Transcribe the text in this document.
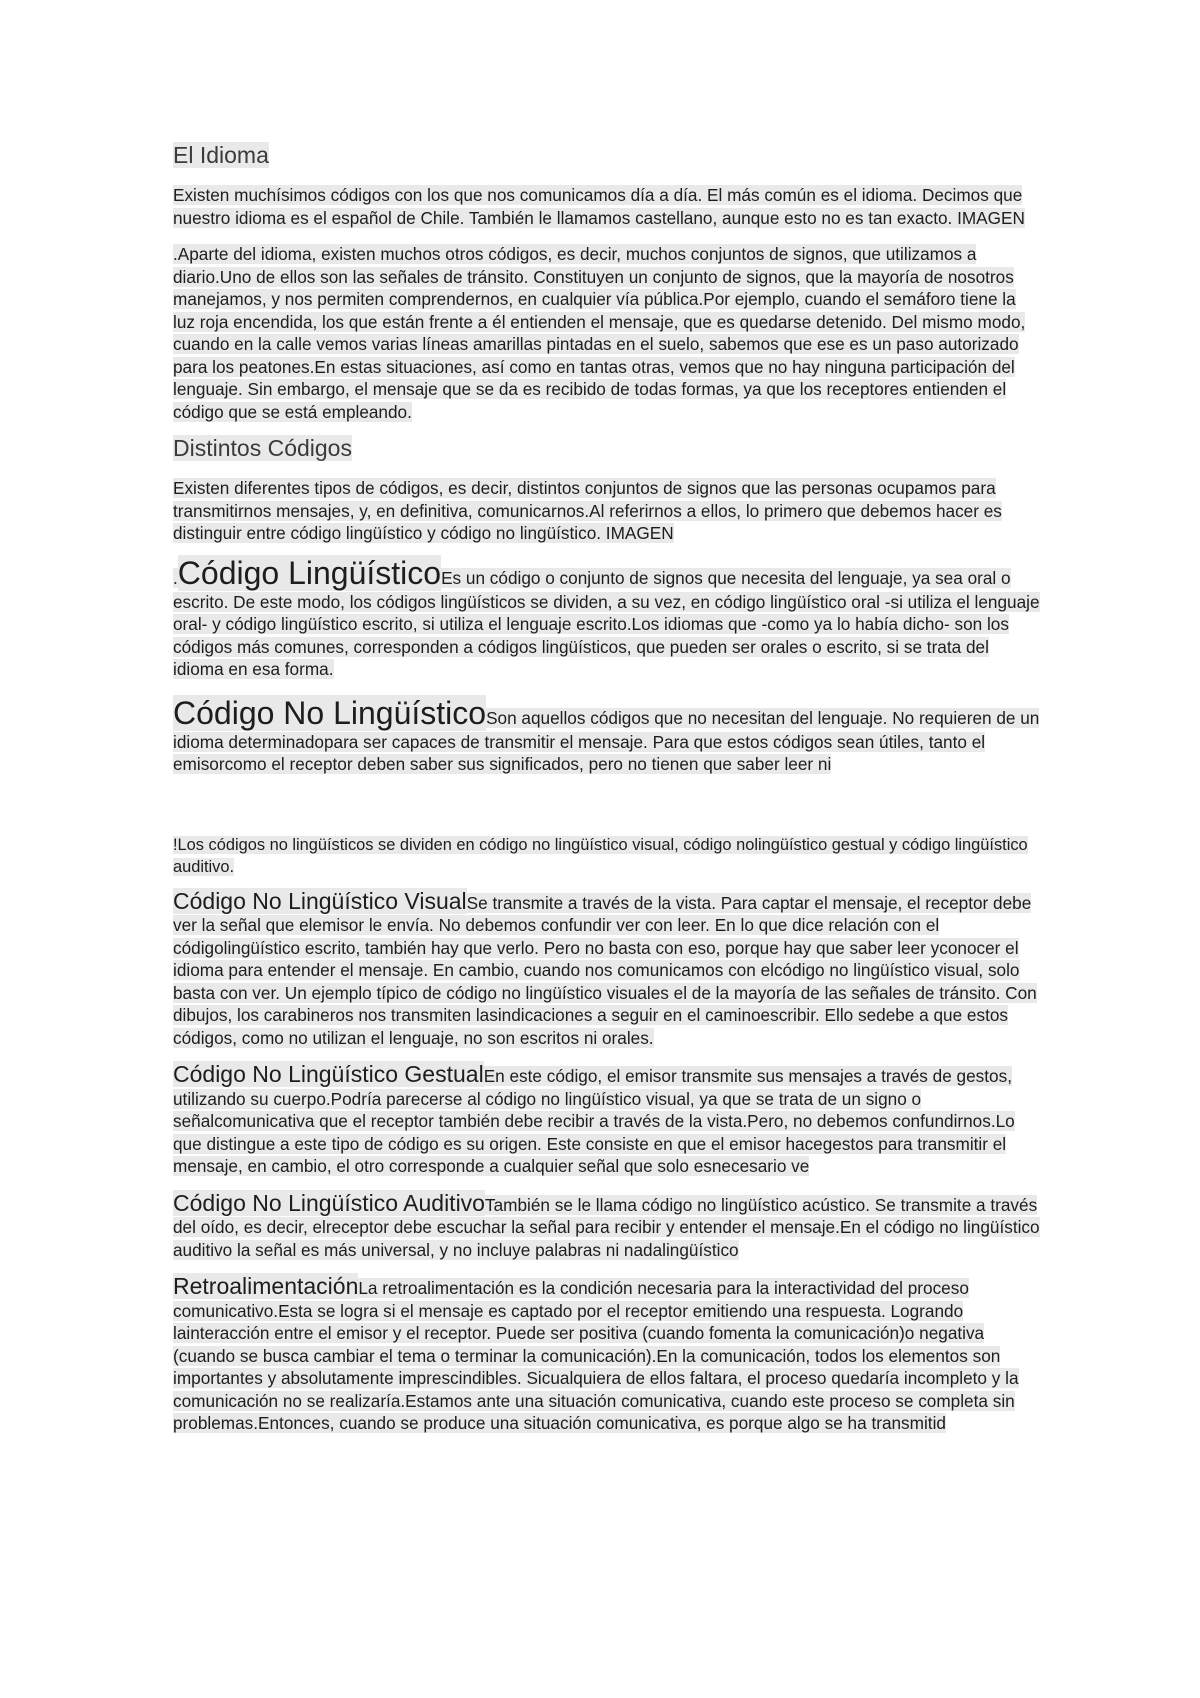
El Idioma

Existen muchísimos códigos con los que nos comunicamos día a día. El más común es el idioma. Decimos que nuestro idioma es el español de Chile. También le llamamos castellano, aunque esto no es tan exacto. IMAGEN

.Aparte del idioma, existen muchos otros códigos, es decir, muchos conjuntos de signos, que utilizamos a diario.Uno de ellos son las señales de tránsito. Constituyen un conjunto de signos, que la mayoría de nosotros manejamos, y nos permiten comprendernos, en cualquier vía pública.Por ejemplo, cuando el semáforo tiene la luz roja encendida, los que están frente a él entienden el mensaje, que es quedarse detenido. Del mismo modo, cuando en la calle vemos varias líneas amarillas pintadas en el suelo, sabemos que ese es un paso autorizado para los peatones.En estas situaciones, así como en tantas otras, vemos que no hay ninguna participación del lenguaje. Sin embargo, el mensaje que se da es recibido de todas formas, ya que los receptores entienden el código que se está empleando.

Distintos Códigos

Existen diferentes tipos de códigos, es decir, distintos conjuntos de signos que las personas ocupamos para transmitirnos mensajes, y, en definitiva, comunicarnos.Al referirnos a ellos, lo primero que debemos hacer es distinguir entre código lingüístico y código no lingüístico. IMAGEN

.Código LingüísticoEs un código o conjunto de signos que necesita del lenguaje, ya sea oral o escrito. De este modo, los códigos lingüísticos se dividen, a su vez, en código lingüístico oral -si utiliza el lenguaje oral- y código lingüístico escrito, si utiliza el lenguaje escrito.Los idiomas que -como ya lo había dicho- son los códigos más comunes, corresponden a códigos lingüísticos, que pueden ser orales o escrito, si se trata del idioma en esa forma.

Código No LingüísticoSon aquellos códigos que no necesitan del lenguaje. No requieren de un idioma determinadopara ser capaces de transmitir el mensaje. Para que estos códigos sean útiles, tanto el emisorcomo el receptor deben saber sus significados, pero no tienen que saber leer ni

!Los códigos no lingüísticos se dividen en código no lingüístico visual, código nolingüístico gestual y código lingüístico auditivo.

Código No Lingüístico VisualSe transmite a través de la vista. Para captar el mensaje, el receptor debe ver la señal que elemisor le envía. No debemos confundir ver con leer. En lo que dice relación con el códigolingüístico escrito, también hay que verlo. Pero no basta con eso, porque hay que saber leer yconocer el idioma para entender el mensaje. En cambio, cuando nos comunicamos con elcódigo no lingüístico visual, solo basta con ver. Un ejemplo típico de código no lingüístico visuales el de la mayoría de las señales de tránsito. Con dibujos, los carabineros nos transmiten lasindicaciones a seguir en el caminoescribir. Ello sedebe a que estos códigos, como no utilizan el lenguaje, no son escritos ni orales.

Código No Lingüístico GestualEn este código, el emisor transmite sus mensajes a través de gestos, utilizando su cuerpo.Podría parecerse al código no lingüístico visual, ya que se trata de un signo o señalcomunicativa que el receptor también debe recibir a través de la vista.Pero, no debemos confundirnos.Lo que distingue a este tipo de código es su origen. Este consiste en que el emisor hacegestos para transmitir el mensaje, en cambio, el otro corresponde a cualquier señal que solo esnecesario ve

Código No Lingüístico AuditivoTambién se le llama código no lingüístico acústico. Se transmite a través del oído, es decir, elreceptor debe escuchar la señal para recibir y entender el mensaje.En el código no lingüístico auditivo la señal es más universal, y no incluye palabras ni nadalingüístico

RetroalimentaciónLa retroalimentación es la condición necesaria para la interactividad del proceso comunicativo.Esta se logra si el mensaje es captado por el receptor emitiendo una respuesta. Logrando lainteracción entre el emisor y el receptor. Puede ser positiva (cuando fomenta la comunicación)o negativa (cuando se busca cambiar el tema o terminar la comunicación).En la comunicación, todos los elementos son importantes y absolutamente imprescindibles. Sicualquiera de ellos faltara, el proceso quedaría incompleto y la comunicación no se realizaría.Estamos ante una situación comunicativa, cuando este proceso se completa sin problemas.Entonces, cuando se produce una situación comunicativa, es porque algo se ha transmitid
